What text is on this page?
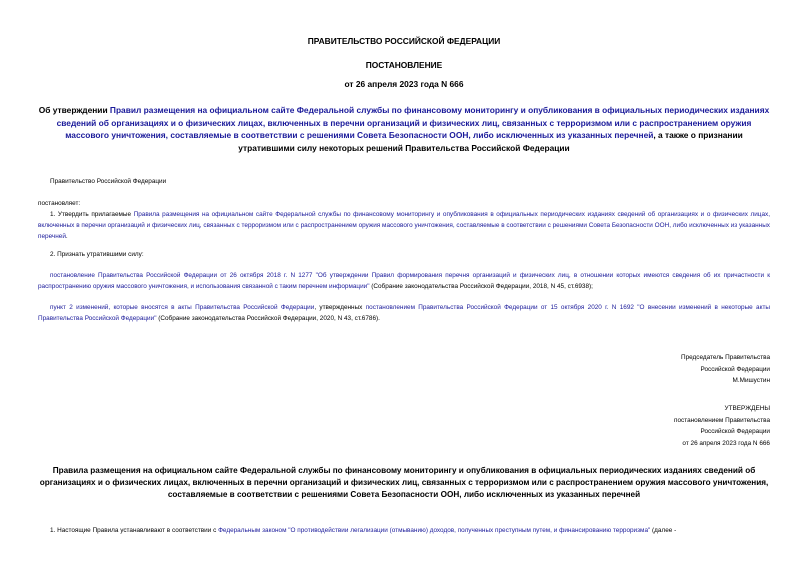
ПРАВИТЕЛЬСТВО РОССИЙСКОЙ ФЕДЕРАЦИИ
ПОСТАНОВЛЕНИЕ
от 26 апреля 2023 года N 666
Об утверждении Правил размещения на официальном сайте Федеральной службы по финансовому мониторингу и опубликования в официальных периодических изданиях сведений об организациях и о физических лицах, включенных в перечни организаций и физических лиц, связанных с терроризмом или с распространением оружия массового уничтожения, составляемые в соответствии с решениями Совета Безопасности ООН, либо исключенных из указанных перечней, а также о признании утратившими силу некоторых решений Правительства Российской Федерации
Правительство Российской Федерации
постановляет:
1. Утвердить прилагаемые Правила размещения на официальном сайте Федеральной службы по финансовому мониторингу и опубликования в официальных периодических изданиях сведений об организациях и о физических лицах, включенных в перечни организаций и физических лиц, связанных с терроризмом или с распространением оружия массового уничтожения, составляемые в соответствии с решениями Совета Безопасности ООН, либо исключенных из указанных перечней.
2. Признать утратившими силу:
постановление Правительства Российской Федерации от 26 октября 2018 г. N 1277 "Об утверждении Правил формирования перечня организаций и физических лиц, в отношении которых имеются сведения об их причастности к распространению оружия массового уничтожения, и использования связанной с таким перечнем информации" (Собрание законодательства Российской Федерации, 2018, N 45, ст.6938);
пункт 2 изменений, которые вносятся в акты Правительства Российской Федерации, утвержденных постановлением Правительства Российской Федерации от 15 октября 2020 г. N 1692 "О внесении изменений в некоторые акты Правительства Российской Федерации" (Собрание законодательства Российской Федерации, 2020, N 43, ст.6786).
Председатель Правительства
Российской Федерации
М.Мишустин
УТВЕРЖДЕНЫ
постановлением Правительства
Российской Федерации
от 26 апреля 2023 года N 666
Правила размещения на официальном сайте Федеральной службы по финансовому мониторингу и опубликования в официальных периодических изданиях сведений об организациях и о физических лицах, включенных в перечни организаций и физических лиц, связанных с терроризмом или с распространением оружия массового уничтожения, составляемые в соответствии с решениями Совета Безопасности ООН, либо исключенных из указанных перечней
1. Настоящие Правила устанавливают в соответствии с Федеральным законом "О противодействии легализации (отмыванию) доходов, полученных преступным путем, и финансированию терроризма" (далее -
